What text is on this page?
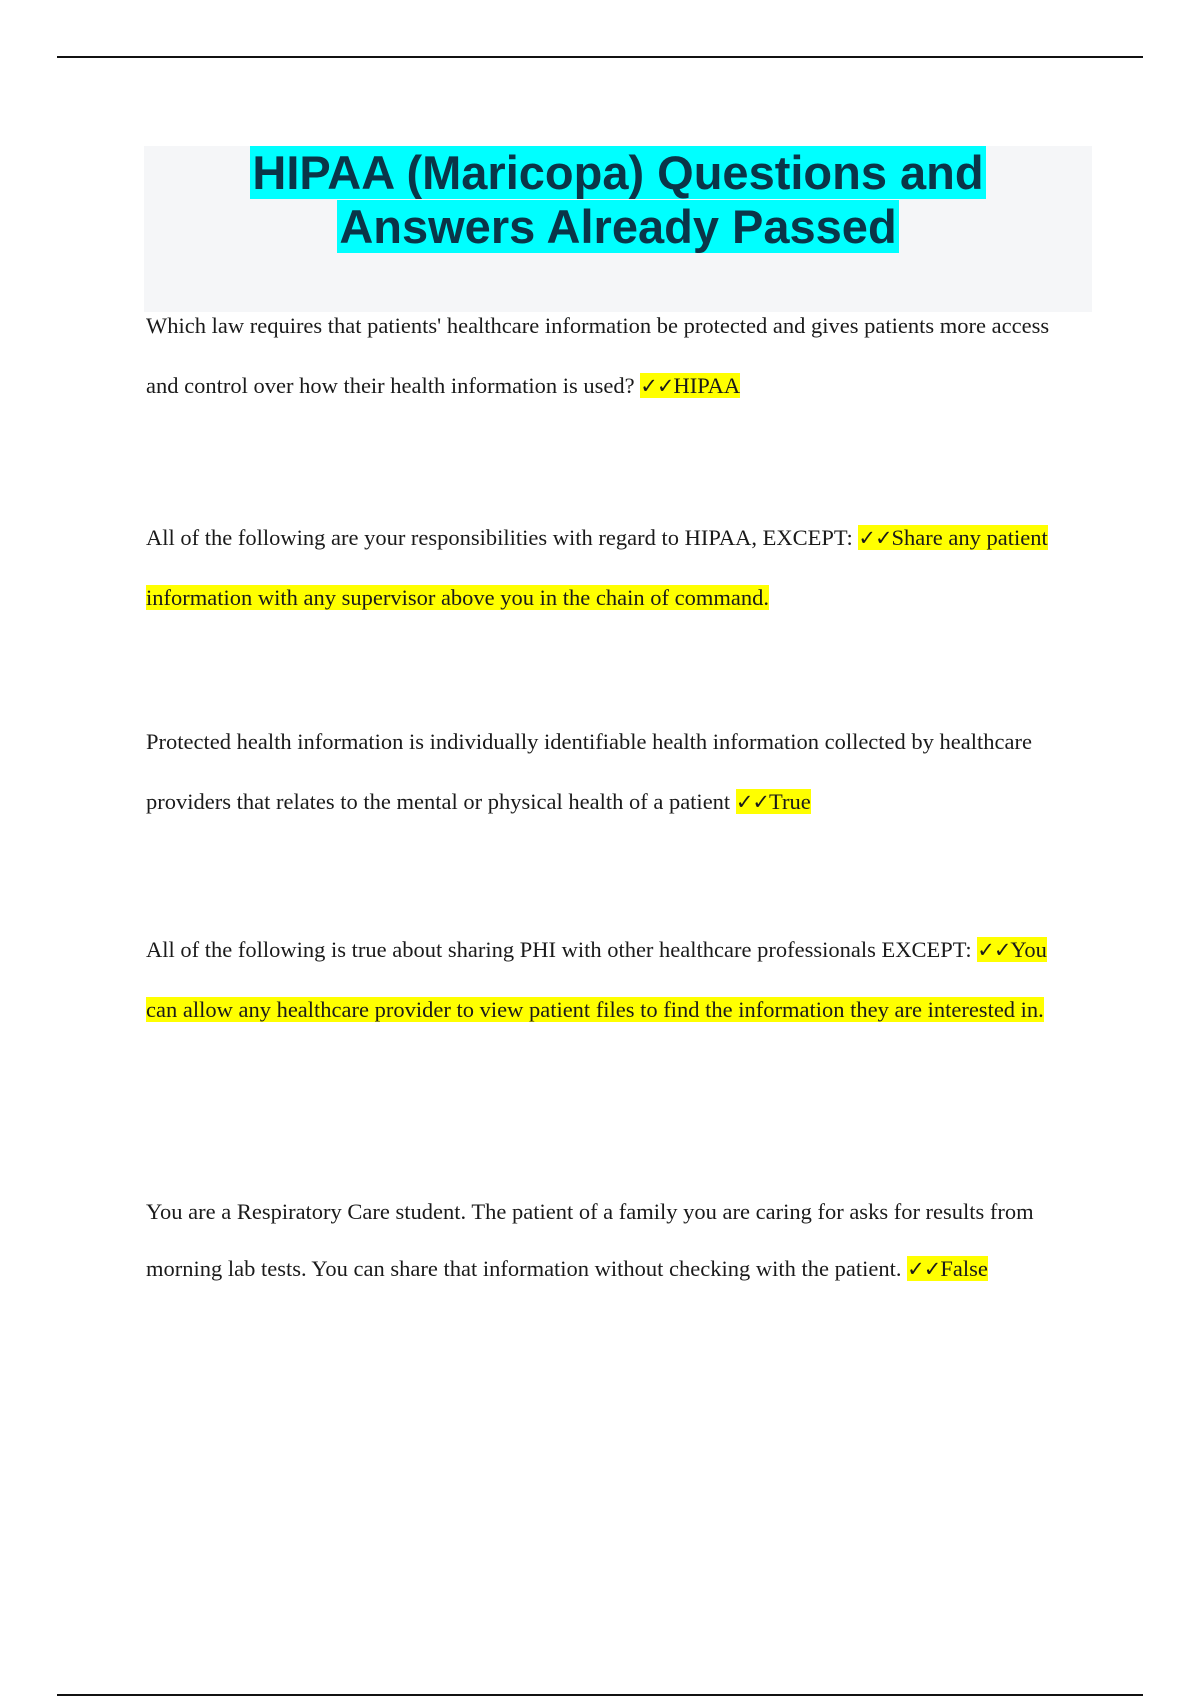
HIPAA (Maricopa) Questions and
Answers Already Passed

Which law requires that patients' healthcare information be protected and gives patients more access and control over how their health information is used? ✓✓HIPAA

All of the following are your responsibilities with regard to HIPAA, EXCEPT: ✓✓Share any patient information with any supervisor above you in the chain of command.

Protected health information is individually identifiable health information collected by healthcare providers that relates to the mental or physical health of a patient ✓✓True

All of the following is true about sharing PHI with other healthcare professionals EXCEPT: ✓✓You can allow any healthcare provider to view patient files to find the information they are interested in.

You are a Respiratory Care student. The patient of a family you are caring for asks for results from morning lab tests. You can share that information without checking with the patient. ✓✓False
